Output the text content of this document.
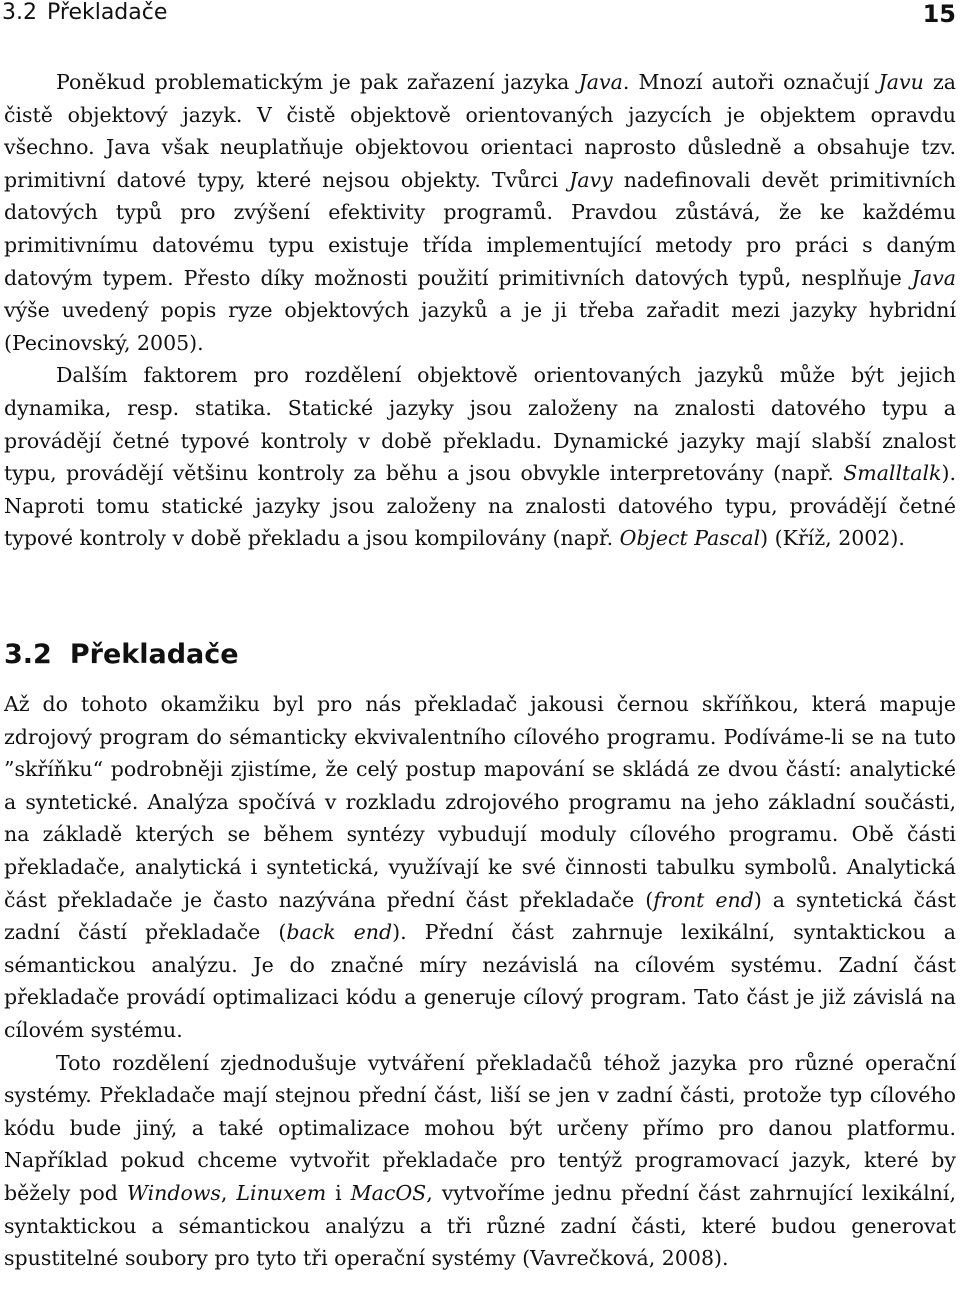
3.2 Překladače	15

Poněkud problematickým je pak zařazení jazyka Java. Mnozí autoři označují Javu za čistě objektový jazyk. V čistě objektově orientovaných jazycích je objektem opravdu všechno. Java však neuplatňuje objektovou orientaci naprosto důsledně a obsahuje tzv. primitivní datové typy, které nejsou objekty. Tvůrci Javy nadefinovali devět primitivních datových typů pro zvýšení efektivity programů. Pravdou zůstává, že ke každému primitivnímu datovému typu existuje třída implementující metody pro práci s daným datovým typem. Přesto díky možnosti použití primitivních datových typů, nesplňuje Java výše uvedený popis ryze objektových jazyků a je ji třeba zařadit mezi jazyky hybridní (Pecinovský, 2005).

Dalším faktorem pro rozdělení objektově orientovaných jazyků může být jejich dynamika, resp. statika. Statické jazyky jsou založeny na znalosti datového typu a provádějí četné typové kontroly v době překladu. Dynamické jazyky mají slabší znalost typu, provádějí většinu kontroly za běhu a jsou obvykle interpretovány (např. Smalltalk). Naproti tomu statické jazyky jsou založeny na znalosti datového typu, provádějí četné typové kontroly v době překladu a jsou kompilovány (např. Object Pascal) (Kříž, 2002).

3.2 Překladače

Až do tohoto okamžiku byl pro nás překladač jakousi černou skříňkou, která mapuje zdrojový program do sémanticky ekvivalentního cílového programu. Podíváme-li se na tuto ”skříňku“ podrobněji zjistíme, že celý postup mapování se skládá ze dvou částí: analytické a syntetické. Analýza spočívá v rozkladu zdrojového programu na jeho základní součásti, na základě kterých se během syntézy vybudují moduly cílového programu. Obě části překladače, analytická i syntetická, využívají ke své činnosti tabulku symbolů. Analytická část překladače je často nazývána přední část překladače (front end) a syntetická část zadní částí překladače (back end). Přední část zahrnuje lexikální, syntaktickou a sémantickou analýzu. Je do značné míry nezávislá na cílovém systému. Zadní část překladače provádí optimalizaci kódu a generuje cílový program. Tato část je již závislá na cílovém systému.

Toto rozdělení zjednodušuje vytváření překladačů téhož jazyka pro různé operační systémy. Překladače mají stejnou přední část, liší se jen v zadní části, protože typ cílového kódu bude jiný, a také optimalizace mohou být určeny přímo pro danou platformu. Například pokud chceme vytvořit překladače pro tentýž programovací jazyk, které by běžely pod Windows, Linuxem i MacOS, vytvoříme jednu přední část zahrnující lexikální, syntaktickou a sémantickou analýzu a tři různé zadní části, které budou generovat spustitelné soubory pro tyto tři operační systémy (Vavrečková, 2008).
